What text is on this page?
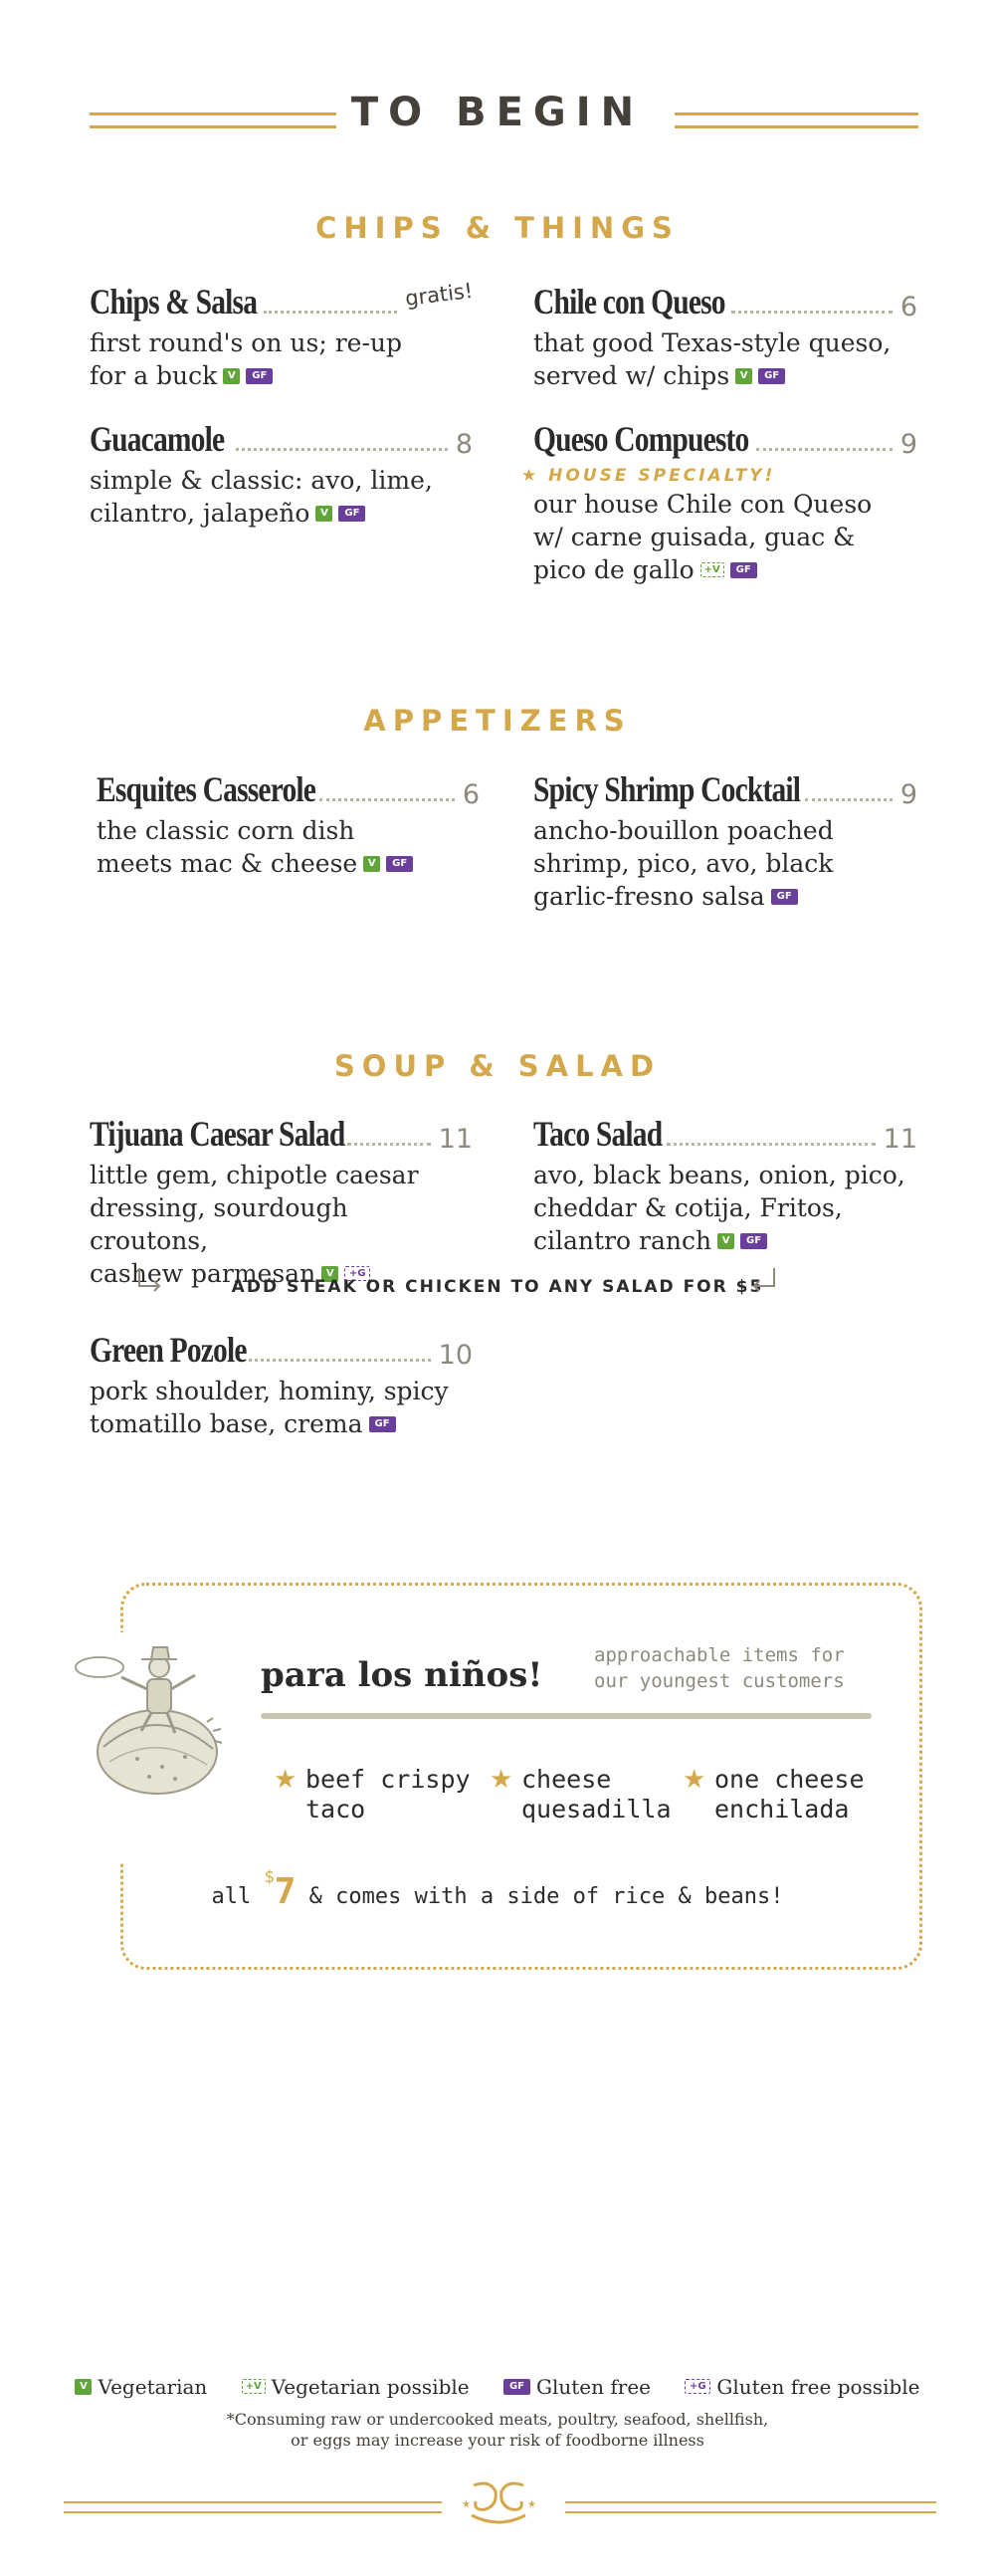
TO BEGIN
CHIPS & THINGS
Chips & Salsa	gratis!
first round's on us; re-up
for a buck V GF
Chile con Queso	6
that good Texas-style queso,
served w/ chips V GF
Guacamole	8
simple & classic: avo, lime,
cilantro, jalapeño V GF
Queso Compuesto	9
★ HOUSE SPECIALTY!
our house Chile con Queso
w/ carne guisada, guac &
pico de gallo +V GF
APPETIZERS
Esquites Casserole	6
the classic corn dish
meets mac & cheese V GF
Spicy Shrimp Cocktail	9
ancho-bouillon poached
shrimp, pico, avo, black
garlic-fresno salsa GF
SOUP & SALAD
Tijuana Caesar Salad	11
little gem, chipotle caesar
dressing, sourdough croutons,
cashew parmesan V +G
Taco Salad	11
avo, black beans, onion, pico,
cheddar & cotija, Fritos,
cilantro ranch V GF
ADD STEAK OR CHICKEN TO ANY SALAD FOR $5
Green Pozole	10
pork shoulder, hominy, spicy
tomatillo base, crema GF
para los niños!	approachable items for
our youngest customers
★ beef crispy
taco
★ cheese
quesadilla
★ one cheese
enchilada
all $7 & comes with a side of rice & beans!
V Vegetarian	+V Vegetarian possible	GF Gluten free	+G Gluten free possible
*Consuming raw or undercooked meats, poultry, seafood, shellfish,
or eggs may increase your risk of foodborne illness
★	★
